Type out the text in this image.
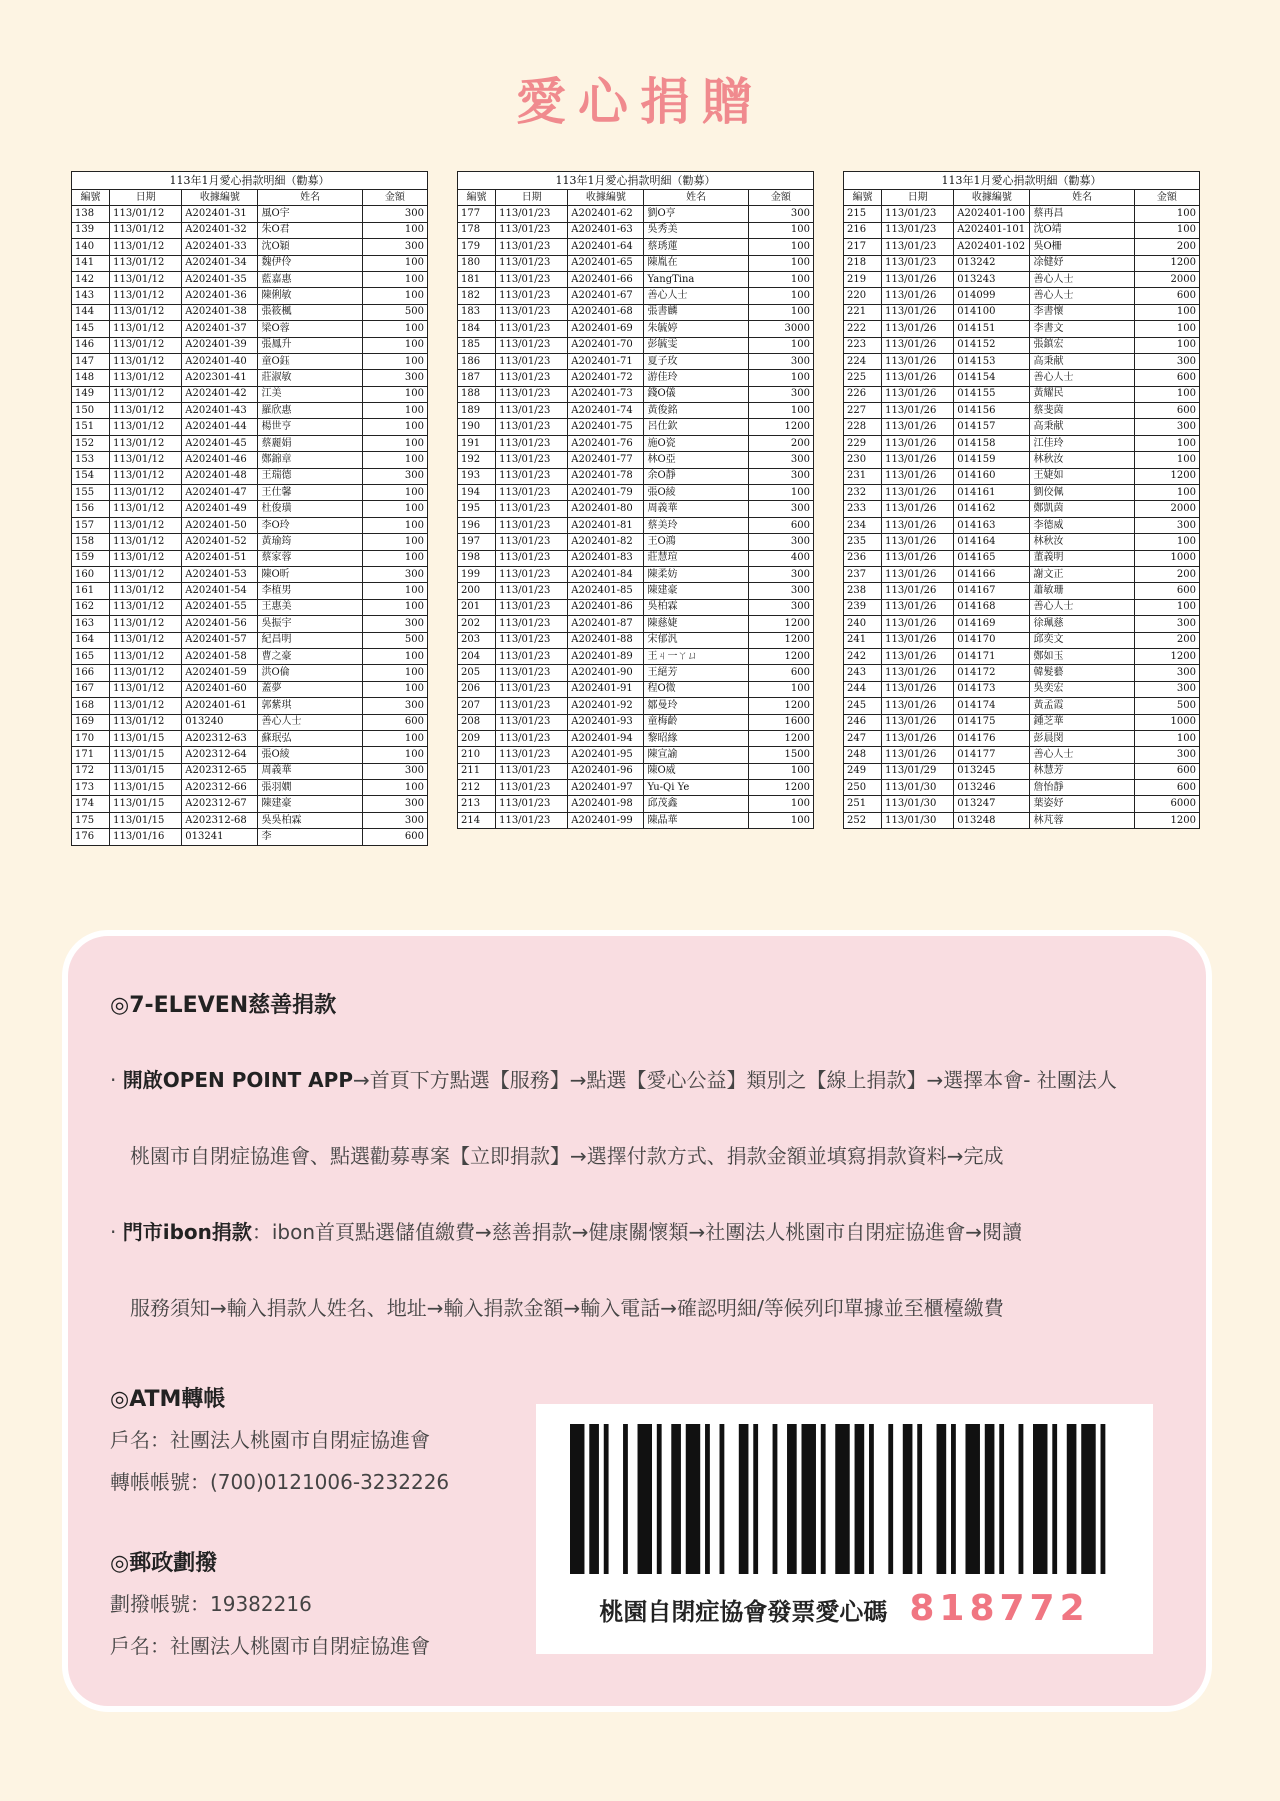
愛心捐贈
113年1月愛心捐款明細（勸募）
編號	日期	收據編號	姓名	金額
138	113/01/12	A202401-31	風O宇	300
139	113/01/12	A202401-32	朱O君	100
140	113/01/12	A202401-33	沈O穎	300
141	113/01/12	A202401-34	魏伊伶	100
142	113/01/12	A202401-35	藍嘉惠	100
143	113/01/12	A202401-36	陳俐敏	100
144	113/01/12	A202401-38	張筱楓	500
145	113/01/12	A202401-37	梁O蓉	100
146	113/01/12	A202401-39	張鳳升	100
147	113/01/12	A202401-40	童O鈺	100
148	113/01/12	A202301-41	莊淑敏	300
149	113/01/12	A202401-42	江美	100
150	113/01/12	A202401-43	羅欣惠	100
151	113/01/12	A202401-44	楊世亨	100
152	113/01/12	A202401-45	蔡麗娟	100
153	113/01/12	A202401-46	鄭錦章	100
154	113/01/12	A202401-48	王瑞德	300
155	113/01/12	A202401-47	王仕馨	100
156	113/01/12	A202401-49	杜俊璜	100
157	113/01/12	A202401-50	李O玲	100
158	113/01/12	A202401-52	黃瑜筠	100
159	113/01/12	A202401-51	蔡家蓉	100
160	113/01/12	A202401-53	陳O昕	300
161	113/01/12	A202401-54	李植男	100
162	113/01/12	A202401-55	王惠美	100
163	113/01/12	A202401-56	吳振宇	300
164	113/01/12	A202401-57	紀昌明	500
165	113/01/12	A202401-58	曹之豪	100
166	113/01/12	A202401-59	洪O倫	100
167	113/01/12	A202401-60	蓋夢	100
168	113/01/12	A202401-61	郭紫琪	300
169	113/01/12	013240	善心人士	600
170	113/01/15	A202312-63	蘇珉弘	100
171	113/01/15	A202312-64	張O綾	100
172	113/01/15	A202312-65	周義華	300
173	113/01/15	A202312-66	張羽嫺	100
174	113/01/15	A202312-67	陳建豪	300
175	113/01/15	A202312-68	吳吳柏霖	300
176	113/01/16	013241	李	600
113年1月愛心捐款明細（勸募）
編號	日期	收據編號	姓名	金額
177	113/01/23	A202401-62	劉O亨	300
178	113/01/23	A202401-63	吳秀美	100
179	113/01/23	A202401-64	蔡琇蓮	100
180	113/01/23	A202401-65	陳胤在	100
181	113/01/23	A202401-66	YangTina	100
182	113/01/23	A202401-67	善心人士	100
183	113/01/23	A202401-68	張書麟	100
184	113/01/23	A202401-69	朱毓婷	3000
185	113/01/23	A202401-70	彭毓雯	100
186	113/01/23	A202401-71	夏子玫	300
187	113/01/23	A202401-72	游佳玲	100
188	113/01/23	A202401-73	錢O儀	300
189	113/01/23	A202401-74	黃俊銘	100
190	113/01/23	A202401-75	呂仕欽	1200
191	113/01/23	A202401-76	施O瓷	200
192	113/01/23	A202401-77	林O亞	300
193	113/01/23	A202401-78	余O靜	300
194	113/01/23	A202401-79	張O綾	100
195	113/01/23	A202401-80	周義華	300
196	113/01/23	A202401-81	蔡美玲	600
197	113/01/23	A202401-82	王O鴻	300
198	113/01/23	A202401-83	莊慧瑄	400
199	113/01/23	A202401-84	陳柔妨	300
200	113/01/23	A202401-85	陳建豪	300
201	113/01/23	A202401-86	吳柏霖	300
202	113/01/23	A202401-87	陳慈婕	1200
203	113/01/23	A202401-88	宋郁汎	1200
204	113/01/23	A202401-89	王ㄐ一ㄚㄩ	1200
205	113/01/23	A202401-90	王絕芳	600
206	113/01/23	A202401-91	程O微	100
207	113/01/23	A202401-92	鄒曼玲	1200
208	113/01/23	A202401-93	童梅齡	1600
209	113/01/23	A202401-94	黎昭緣	1200
210	113/01/23	A202401-95	陳宣諭	1500
211	113/01/23	A202401-96	陳O威	100
212	113/01/23	A202401-97	Yu-Qi Ye	1200
213	113/01/23	A202401-98	邱茂鑫	100
214	113/01/23	A202401-99	陳晶華	100
113年1月愛心捐款明細（勸募）
編號	日期	收據編號	姓名	金額
215	113/01/23	A202401-100	蔡再昌	100
216	113/01/23	A202401-101	沈O靖	100
217	113/01/23	A202401-102	吳O柵	200
218	113/01/23	013242	凃健妤	1200
219	113/01/26	013243	善心人士	2000
220	113/01/26	014099	善心人士	600
221	113/01/26	014100	李書懷	100
222	113/01/26	014151	李書文	100
223	113/01/26	014152	張鎮宏	100
224	113/01/26	014153	高秉献	300
225	113/01/26	014154	善心人士	600
226	113/01/26	014155	黃耀民	100
227	113/01/26	014156	蔡斐茵	600
228	113/01/26	014157	高秉献	300
229	113/01/26	014158	江佳玲	100
230	113/01/26	014159	林秋汝	100
231	113/01/26	014160	王婕如	1200
232	113/01/26	014161	劉佼佩	100
233	113/01/26	014162	鄭凱茵	2000
234	113/01/26	014163	李德威	300
235	113/01/26	014164	林秋汝	100
236	113/01/26	014165	董義明	1000
237	113/01/26	014166	謝文正	200
238	113/01/26	014167	蕭敏珊	600
239	113/01/26	014168	善心人士	100
240	113/01/26	014169	徐珮慈	300
241	113/01/26	014170	邱奕文	200
242	113/01/26	014171	鄭如玉	1200
243	113/01/26	014172	韓髮藝	300
244	113/01/26	014173	吳奕宏	300
245	113/01/26	014174	黃孟霞	500
246	113/01/26	014175	鍾芝華	1000
247	113/01/26	014176	彭晨閔	100
248	113/01/26	014177	善心人士	300
249	113/01/29	013245	林慧芳	600
250	113/01/30	013246	詹怡靜	600
251	113/01/30	013247	葉姿妤	6000
252	113/01/30	013248	林芃蓉	1200
◎7-ELEVEN慈善捐款
· 開啟OPEN POINT APP→首頁下方點選【服務】→點選【愛心公益】類別之【線上捐款】→選擇本會- 社團法人
桃園市自閉症協進會、點選勸募專案【立即捐款】→選擇付款方式、捐款金額並填寫捐款資料→完成
· 門市ibon捐款：ibon首頁點選儲值繳費→慈善捐款→健康關懷類→社團法人桃園市自閉症協進會→閱讀
服務須知→輸入捐款人姓名、地址→輸入捐款金額→輸入電話→確認明細/等候列印單據並至櫃檯繳費
◎ATM轉帳
戶名：社團法人桃園市自閉症協進會
轉帳帳號：(700)0121006-3232226
◎郵政劃撥
劃撥帳號：19382216
戶名：社團法人桃園市自閉症協進會
桃園自閉症協會發票愛心碼 818772
